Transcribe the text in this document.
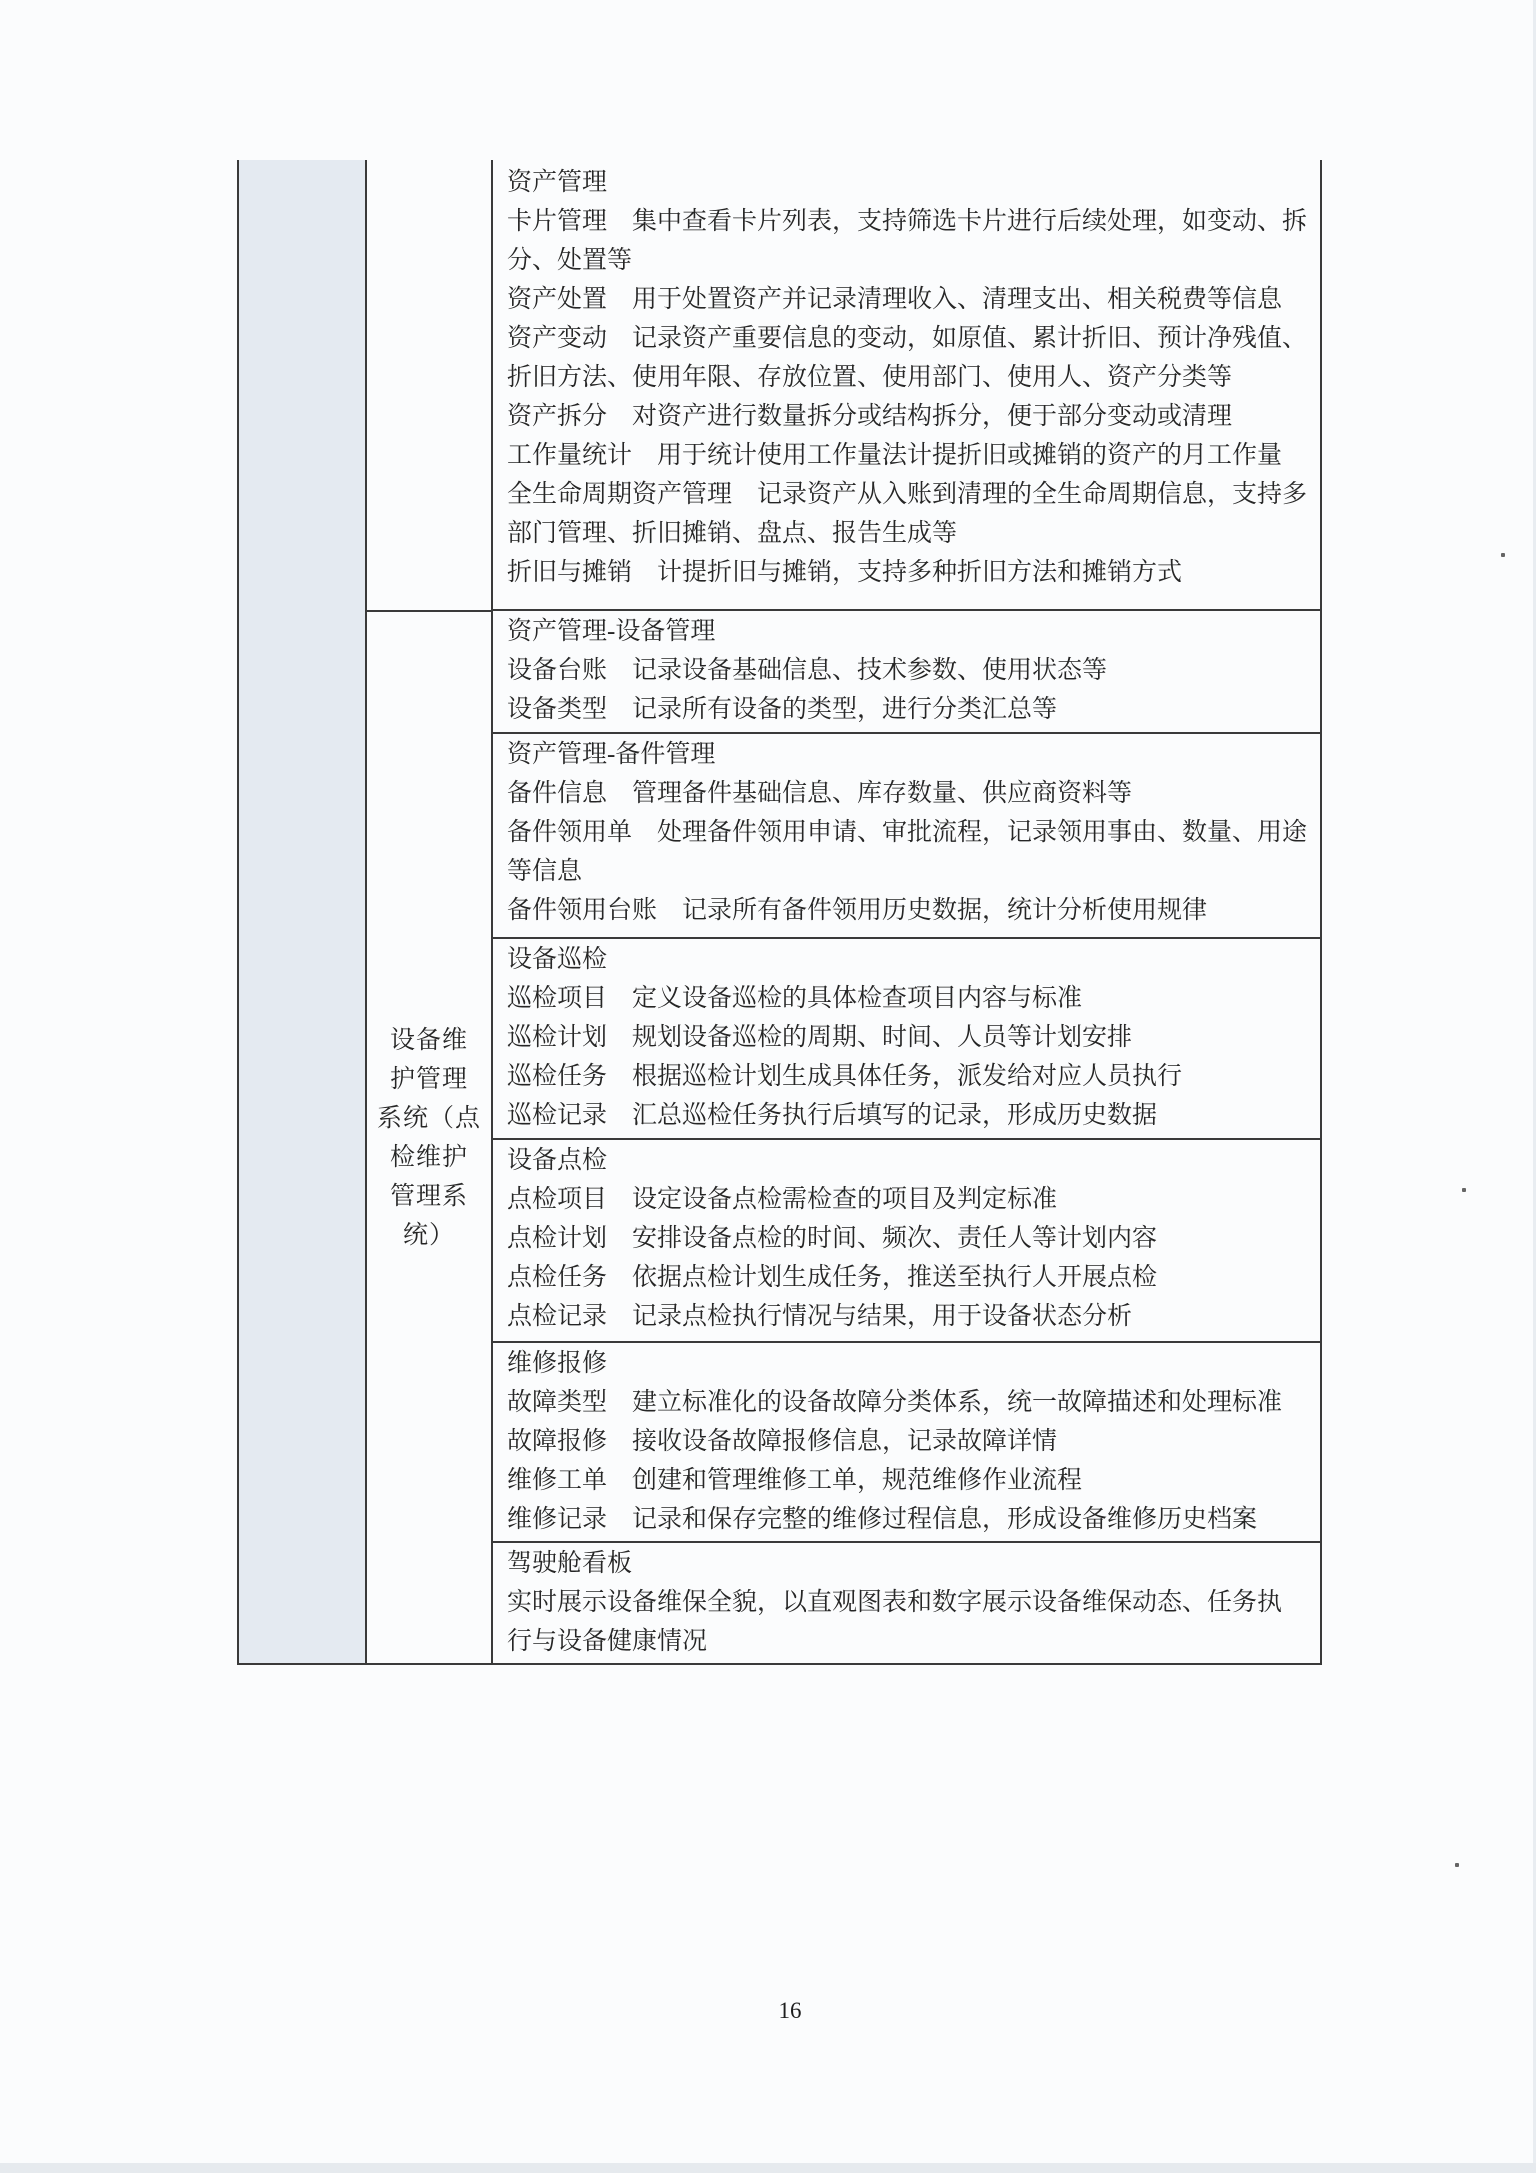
设备维
护管理
系统（点
检维护
管理系
统）
资产管理
卡片管理　集中查看卡片列表，支持筛选卡片进行后续处理，如变动、拆
分、处置等
资产处置　用于处置资产并记录清理收入、清理支出、相关税费等信息
资产变动　记录资产重要信息的变动，如原值、累计折旧、预计净残值、
折旧方法、使用年限、存放位置、使用部门、使用人、资产分类等
资产拆分　对资产进行数量拆分或结构拆分，便于部分变动或清理
工作量统计　用于统计使用工作量法计提折旧或摊销的资产的月工作量
全生命周期资产管理　记录资产从入账到清理的全生命周期信息，支持多
部门管理、折旧摊销、盘点、报告生成等
折旧与摊销　计提折旧与摊销，支持多种折旧方法和摊销方式
资产管理-设备管理
设备台账　记录设备基础信息、技术参数、使用状态等
设备类型　记录所有设备的类型，进行分类汇总等
资产管理-备件管理
备件信息　管理备件基础信息、库存数量、供应商资料等
备件领用单　处理备件领用申请、审批流程，记录领用事由、数量、用途
等信息
备件领用台账　记录所有备件领用历史数据，统计分析使用规律
设备巡检
巡检项目　定义设备巡检的具体检查项目内容与标准
巡检计划　规划设备巡检的周期、时间、人员等计划安排
巡检任务　根据巡检计划生成具体任务，派发给对应人员执行
巡检记录　汇总巡检任务执行后填写的记录，形成历史数据
设备点检
点检项目　设定设备点检需检查的项目及判定标准
点检计划　安排设备点检的时间、频次、责任人等计划内容
点检任务　依据点检计划生成任务，推送至执行人开展点检
点检记录　记录点检执行情况与结果，用于设备状态分析
维修报修
故障类型　建立标准化的设备故障分类体系，统一故障描述和处理标准
故障报修　接收设备故障报修信息，记录故障详情
维修工单　创建和管理维修工单，规范维修作业流程
维修记录　记录和保存完整的维修过程信息，形成设备维修历史档案
驾驶舱看板
实时展示设备维保全貌，以直观图表和数字展示设备维保动态、任务执
行与设备健康情况
16
